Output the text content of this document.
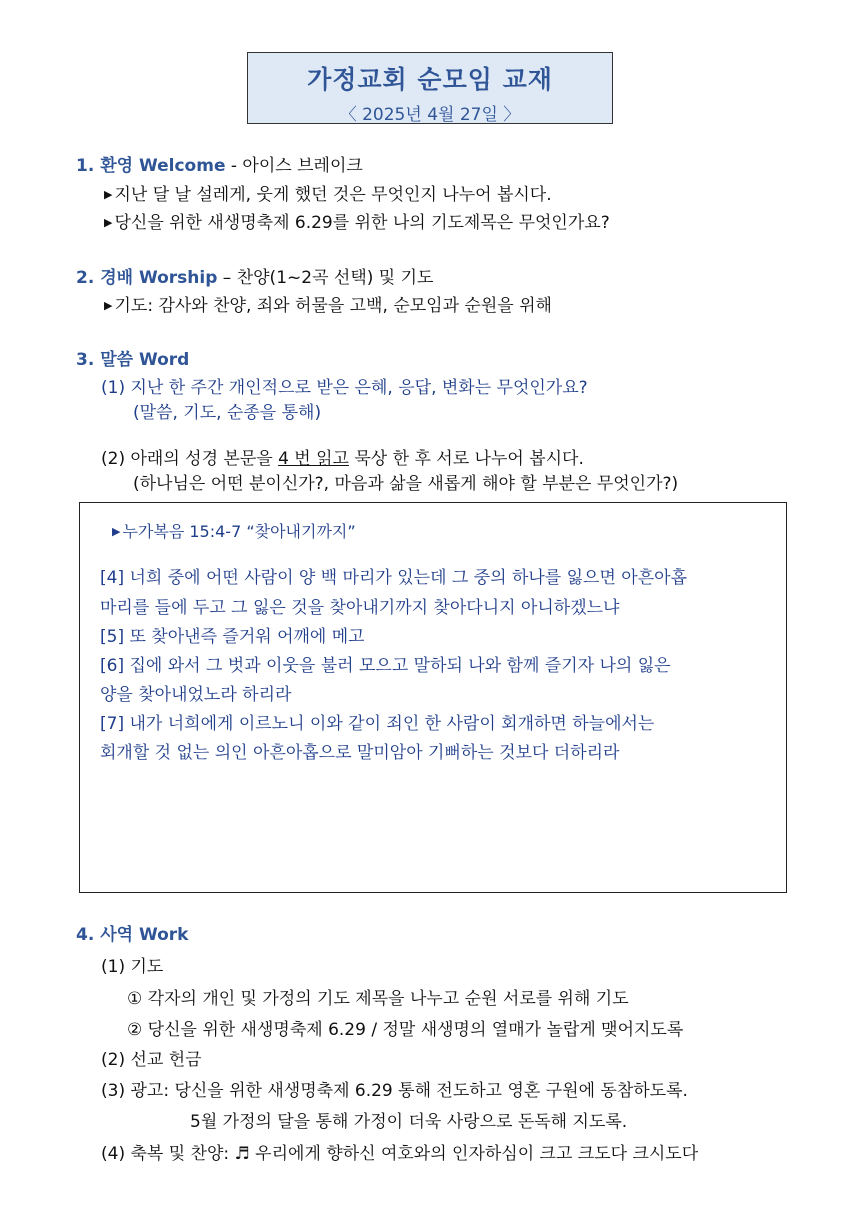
가정교회 순모임 교재
〈 2025년 4월 27일 〉
1. 환영 Welcome - 아이스 브레이크
▶ 지난 달 날 설레게, 웃게 했던 것은 무엇인지 나누어 봅시다.
▶ 당신을 위한 새생명축제 6.29를 위한 나의 기도제목은 무엇인가요?
2. 경배 Worship – 찬양(1~2곡 선택) 및 기도
▶ 기도: 감사와 찬양, 죄와 허물을 고백, 순모임과 순원을 위해
3. 말씀 Word
(1) 지난 한 주간 개인적으로 받은 은혜, 응답, 변화는 무엇인가요?
(말씀, 기도, 순종을 통해)
(2) 아래의 성경 본문을 4 번 읽고 묵상 한 후 서로 나누어 봅시다.
(하나님은 어떤 분이신가?, 마음과 삶을 새롭게 해야 할 부분은 무엇인가?)
▶ 누가복음 15:4-7 “찾아내기까지”
[4] 너희 중에 어떤 사람이 양 백 마리가 있는데 그 중의 하나를 잃으면 아흔아홉
마리를 들에 두고 그 잃은 것을 찾아내기까지 찾아다니지 아니하겠느냐
[5] 또 찾아낸즉 즐거워 어깨에 메고
[6] 집에 와서 그 벗과 이웃을 불러 모으고 말하되 나와 함께 즐기자 나의 잃은
양을 찾아내었노라 하리라
[7] 내가 너희에게 이르노니 이와 같이 죄인 한 사람이 회개하면 하늘에서는
회개할 것 없는 의인 아흔아홉으로 말미암아 기뻐하는 것보다 더하리라
4. 사역 Work
(1) 기도
① 각자의 개인 및 가정의 기도 제목을 나누고 순원 서로를 위해 기도
② 당신을 위한 새생명축제 6.29 / 정말 새생명의 열매가 놀랍게 맺어지도록
(2) 선교 헌금
(3) 광고: 당신을 위한 새생명축제 6.29 통해 전도하고 영혼 구원에 동참하도록.
5월 가정의 달을 통해 가정이 더욱 사랑으로 돈독해 지도록.
(4) 축복 및 찬양: ♬ 우리에게 향하신 여호와의 인자하심이 크고 크도다 크시도다
